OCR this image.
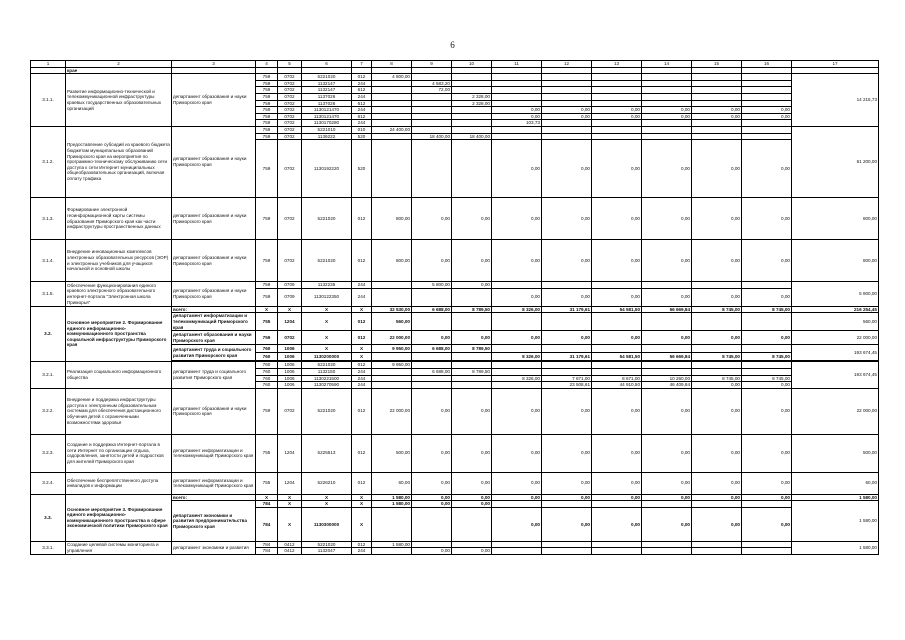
6
1	2	3	4	5	6	7	8	9	10	11	12	13	14	15	16	17
	крае															
3.1.1.	Развитие информационно-технической и телекоммуникационной инфраструктуры краевых государственных образовательных организаций	департамент образования и науки Приморского края	759	0702	5221020	012	4 800,00									14 215,73
			759	0702	1132147	244		4 583,20								
			759	0702	1132147	612		72,00								
			759	0702	1137026	244			2 328,00							
			759	0702	1137026	612			2 328,00							
			759	0702	1130121470	244				0,00	0,00	0,00	0,00	0,00	0,00	
			759	0702	1130121470	612				0,00	0,00	0,00	0,00	0,00	0,00	
			759	0702	1130170280	244				103,73						
3.1.2.	Предоставление субсидий из краевого бюджета бюджетам муниципальных образований Приморского края на мероприятия по программно-техническому обслуживанию сети доступа к сети Интернет муниципальных общеобразовательных организаций, включая оплату трафика	департамент образования и науки Приморского края	759	0702	5221010	010	24 400,00									61 200,00
			759	0702	1139222	520		18 400,00	18 400,00							
			759	0702	1130192220	520				0,00	0,00	0,00	0,00	0,00	0,00	
3.1.3.	Формирование электронной геоинформационной карты системы образования Приморского края как части инфраструктуры пространственных данных	департамент образования и науки Приморского края	759	0702	5221020	012	800,00	0,00	0,00	0,00	0,00	0,00	0,00	0,00	0,00	800,00
3.1.4.	Внедрение инновационных комплексов электронных образовательных ресурсов (ЭОР) и электронных учебников для учащихся начальной и основной школы	департамент образования и науки Приморского края	759	0702	5221020	012	800,00	0,00	0,00	0,00	0,00	0,00	0,00	0,00	0,00	800,00
3.1.5.	Обеспечение функционирования единого краевого электронного образовательного интернет-портала "Электронная школа Приморья"	департамент образования и науки Приморского края	759	0709	1132235	244		5 800,00	0,00							5 800,00
			759	0709	1130122350	244				0,00	0,00	0,00	0,00	0,00	0,00	
3.2.	Основное мероприятие 2. Формирование единого информационно-коммуникационного пространства социальной инфраструктуры Приморского края	всего:	X	X	X	X	32 530,00	6 688,00	8 789,50	8 326,00	31 179,61	54 581,50	56 669,84	8 745,00	8 745,00	216 254,45
		департамент информатизации и телекоммуникаций Приморского края	755	1204	X	012	560,00									560,00
		департамент образования и науки Приморского края	759	0702	X	012	22 000,00	0,00	0,00	0,00	0,00	0,00	0,00	0,00	0,00	22 000,00
		департамент труда и социального развития Приморского края	760	1006	X	X	9 950,00	6 688,00	8 789,50							193 674,45
			760	1006	1130200000	X				8 326,00	31 179,61	54 581,50	56 669,84	8 745,00	8 745,00	

3.2.1.	Реализация социального информационного общества	департамент труда и социального развития Приморского края	760	1006	5221020	012	9 950,00									193 674,45
			760	1006	1132150	244		6 688,00	8 789,50							
			760	1006	1130221500	244				8 326,00	7 671,00	8 671,00	10 260,00	8 745,00	8 745,00	
			760	1006	1130270590	244					23 508,61	44 910,50	46 409,84	0,00	0,00	
3.2.2.	Внедрение и поддержка инфраструктуры доступа к электронным образовательным системам для обеспечения дистанционного обучения детей с ограниченными возможностями здоровья	департамент образования и науки Приморского края	759	0702	5221020	012	22 000,00	0,00	0,00	0,00	0,00	0,00	0,00	0,00	0,00	22 000,00
3.2.3.	Создание и поддержка Интернет-портала в сети Интернет по организации отдыха, оздоровления, занятости детей и подростков для жителей Приморского края	департамент информатизации и телекоммуникаций Приморского края	755	1204	5225513	012	500,00	0,00	0,00	0,00	0,00	0,00	0,00	0,00	0,00	500,00
3.2.4.	Обеспечение беспрепятственного доступа инвалидов к информации	департамент информатизации и телекоммуникаций Приморского края	755	1204	5226210	012	60,00	0,00	0,00	0,00	0,00	0,00	0,00	0,00	0,00	60,00
3.3.	Основное мероприятие 3. Формирование единого информационно-коммуникационного пространства в сфере экономической политики Приморского края	всего:	X	X	X	X	1 580,00	0,00	0,00	0,00	0,00	0,00	0,00	0,00	0,00	1 580,00
		департамент экономики и развития предпринимательства Приморского края	784	X	X	X	1 580,00	0,00	0,00							1 580,00
			784	X	1130300000	X				0,00	0,00	0,00	0,00	0,00	0,00	
3.3.1.	Создание целевой системы мониторинга и управления	департамент экономики и развития	784	0412	5221020	012	1 580,00									1 580,00
			784	0412	1132047	244		0,00	0,00							
